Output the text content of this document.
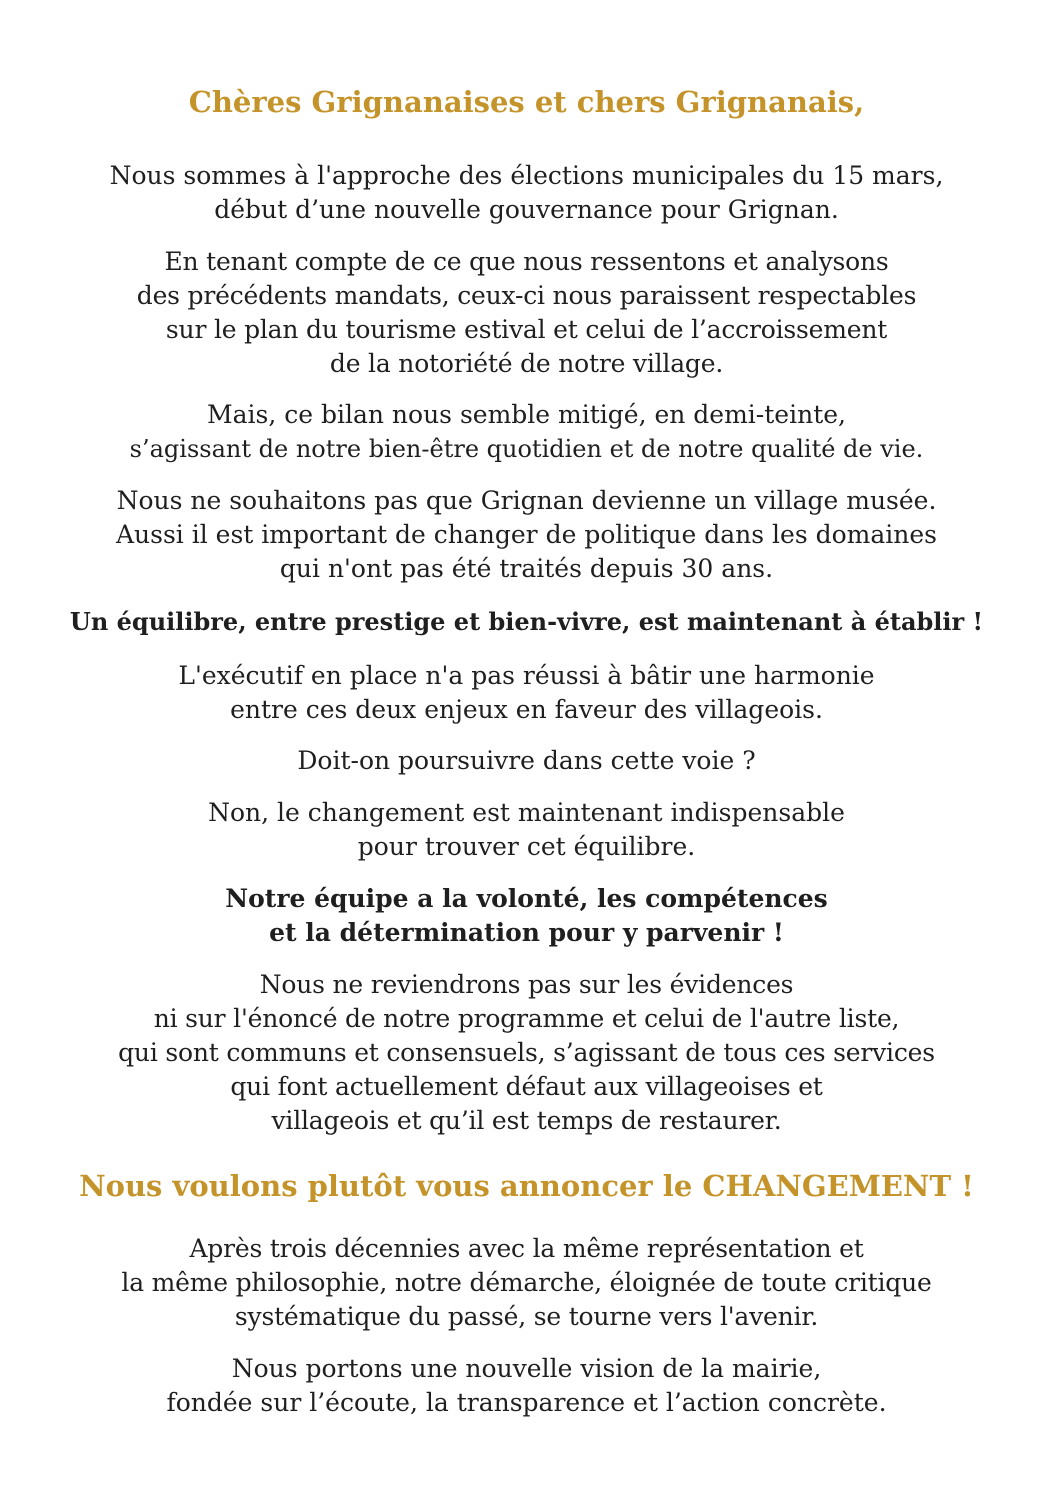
Chères Grignanaises et chers Grignanais,

Nous sommes à l'approche des élections municipales du 15 mars,
début d’une nouvelle gouvernance pour Grignan.

En tenant compte de ce que nous ressentons et analysons
des précédents mandats, ceux-ci nous paraissent respectables
sur le plan du tourisme estival et celui de l’accroissement
de la notoriété de notre village.

Mais, ce bilan nous semble mitigé, en demi-teinte,
s’agissant de notre bien-être quotidien et de notre qualité de vie.

Nous ne souhaitons pas que Grignan devienne un village musée.
Aussi il est important de changer de politique dans les domaines
qui n'ont pas été traités depuis 30 ans.

Un équilibre, entre prestige et bien-vivre, est maintenant à établir !

L'exécutif en place n'a pas réussi à bâtir une harmonie
entre ces deux enjeux en faveur des villageois.

Doit-on poursuivre dans cette voie ?

Non, le changement est maintenant indispensable
pour trouver cet équilibre.

Notre équipe a la volonté, les compétences
et la détermination pour y parvenir !

Nous ne reviendrons pas sur les évidences
ni sur l'énoncé de notre programme et celui de l'autre liste,
qui sont communs et consensuels, s’agissant de tous ces services
qui font actuellement défaut aux villageoises et
villageois et qu’il est temps de restaurer.

Nous voulons plutôt vous annoncer le CHANGEMENT !

Après trois décennies avec la même représentation et
la même philosophie, notre démarche, éloignée de toute critique
systématique du passé, se tourne vers l'avenir.

Nous portons une nouvelle vision de la mairie,
fondée sur l’écoute, la transparence et l’action concrète.
